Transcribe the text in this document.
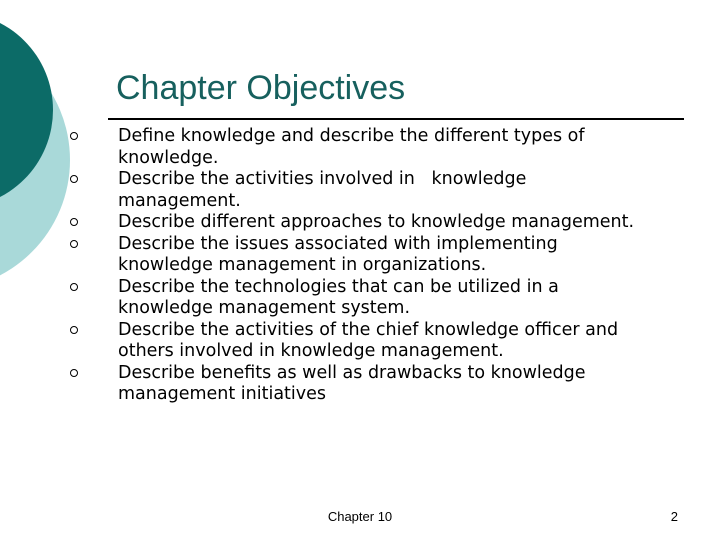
Chapter Objectives
Define knowledge and describe the different types of
knowledge.
Describe the activities involved in   knowledge
management.
Describe different approaches to knowledge management.
Describe the issues associated with implementing
knowledge management in organizations.
Describe the technologies that can be utilized in a
knowledge management system.
Describe the activities of the chief knowledge officer and
others involved in knowledge management.
Describe benefits as well as drawbacks to knowledge
management initiatives
Chapter 10	2
